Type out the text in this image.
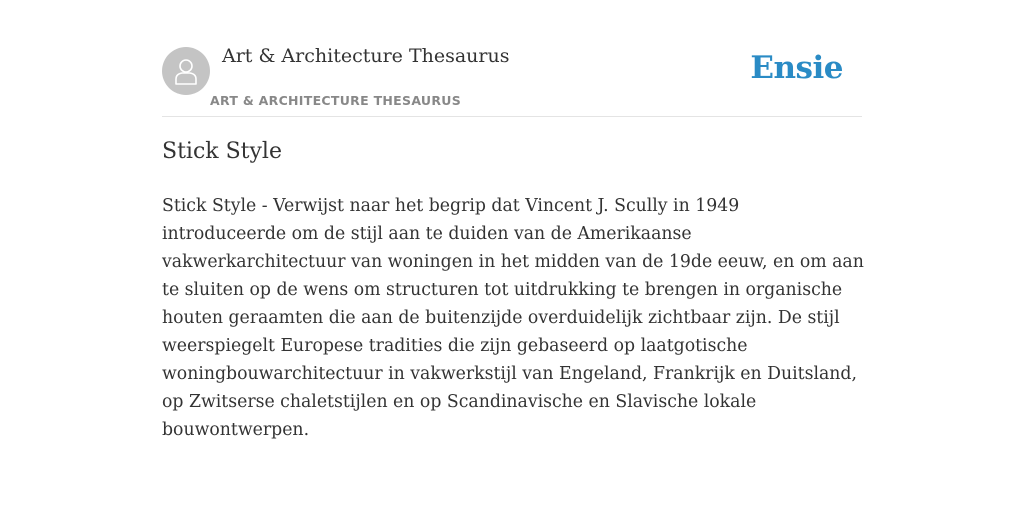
Art & Architecture Thesaurus
ART & ARCHITECTURE THESAURUS
Ensie
Stick Style

Stick Style - Verwijst naar het begrip dat Vincent J. Scully in 1949 introduceerde om de stijl aan te duiden van de Amerikaanse vakwerkarchitectuur van woningen in het midden van de 19de eeuw, en om aan te sluiten op de wens om structuren tot uitdrukking te brengen in organische houten geraamten die aan de buitenzijde overduidelijk zichtbaar zijn. De stijl weerspiegelt Europese tradities die zijn gebaseerd op laatgotische woningbouwarchitectuur in vakwerkstijl van Engeland, Frankrijk en Duitsland, op Zwitserse chaletstijlen en op Scandinavische en Slavische lokale bouwontwerpen.
